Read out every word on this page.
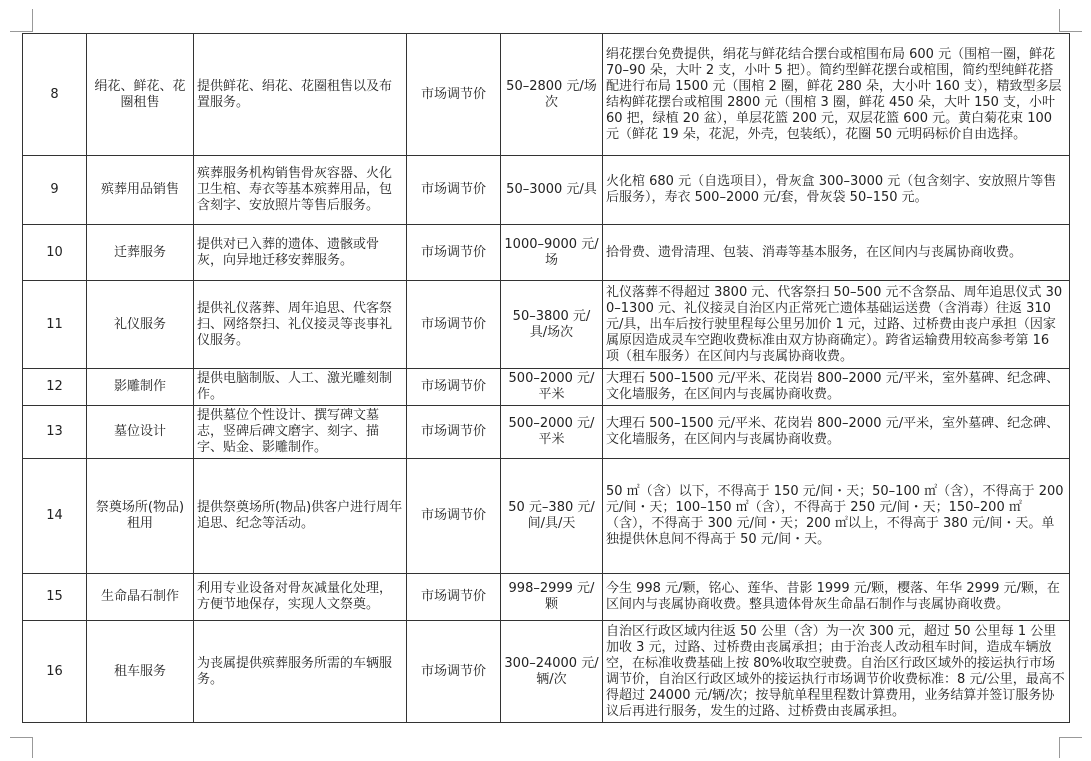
8	绢花、鲜花、花圈租售	提供鲜花、绢花、花圈租售以及布置服务。	市场调节价	50–2800 元/场次	绢花摆台免费提供，绢花与鲜花结合摆台或棺围布局 600 元（围棺一圈，鲜花 70–90 朵，大叶 2 支，小叶 5 把）。简约型鲜花摆台或棺围，简约型纯鲜花搭配进行布局 1500 元（围棺 2 圈，鲜花 280 朵，大小叶 160 支），精致型多层结构鲜花摆台或棺围 2800 元（围棺 3 圈，鲜花 450 朵，大叶 150 支，小叶 60 把，绿植 20 盆），单层花篮 200 元，双层花篮 600 元。黄白菊花束 100 元（鲜花 19 朵，花泥，外壳，包装纸），花圈 50 元明码标价自由选择。
9	殡葬用品销售	殡葬服务机构销售骨灰容器、火化卫生棺、寿衣等基本殡葬用品，包含刻字、安放照片等售后服务。	市场调节价	50–3000 元/具	火化棺 680 元（自选项目），骨灰盒 300–3000 元（包含刻字、安放照片等售后服务），寿衣 500–2000 元/套，骨灰袋 50–150 元。
10	迁葬服务	提供对已入葬的遗体、遗骸或骨灰，向异地迁移安葬服务。	市场调节价	1000–9000 元/场	拾骨费、遗骨清理、包装、消毒等基本服务，在区间内与丧属协商收费。
11	礼仪服务	提供礼仪落葬、周年追思、代客祭扫、网络祭扫、礼仪接灵等丧事礼仪服务。	市场调节价	50–3800 元/具/场次	礼仪落葬不得超过 3800 元、代客祭扫 50–500 元不含祭品、周年追思仪式 300–1300 元、礼仪接灵自治区内正常死亡遗体基础运送费（含消毒）往返 310 元/具，出车后按行驶里程每公里另加价 1 元，过路、过桥费由丧户承担（因家属原因造成灵车空跑收费标准由双方协商确定）。跨省运输费用较高参考第 16 项（租车服务）在区间内与丧属协商收费。
12	影雕制作	提供电脑制版、人工、激光雕刻制作。	市场调节价	500–2000 元/平米	大理石 500–1500 元/平米、花岗岩 800–2000 元/平米，室外墓碑、纪念碑、文化墙服务，在区间内与丧属协商收费。
13	墓位设计	提供墓位个性设计、撰写碑文墓志，竖碑后碑文磨字、刻字、描字、贴金、影雕制作。	市场调节价	500–2000 元/平米	大理石 500–1500 元/平米、花岗岩 800–2000 元/平米，室外墓碑、纪念碑、文化墙服务，在区间内与丧属协商收费。
14	祭奠场所(物品)租用	提供祭奠场所(物品)供客户进行周年追思、纪念等活动。	市场调节价	50 元–380 元/间/具/天	50 ㎡（含）以下，不得高于 150 元/间・天；50–100 ㎡（含），不得高于 200 元/间・天；100–150 ㎡（含），不得高于 250 元/间・天；150–200 ㎡（含），不得高于 300 元/间・天；200 ㎡以上，不得高于 380 元/间・天。单独提供休息间不得高于 50 元/间・天。
15	生命晶石制作	利用专业设备对骨灰减量化处理，方便节地保存，实现人文祭奠。	市场调节价	998–2999 元/颗	今生 998 元/颗，铭心、莲华、昔影 1999 元/颗，樱落、年华 2999 元/颗，在区间内与丧属协商收费。整具遗体骨灰生命晶石制作与丧属协商收费。
16	租车服务	为丧属提供殡葬服务所需的车辆服务。	市场调节价	300–24000 元/辆/次	自治区行政区域内往返 50 公里（含）为一次 300 元，超过 50 公里每 1 公里加收 3 元，过路、过桥费由丧属承担；由于治丧人改动租车时间，造成车辆放空，在标准收费基础上按 80%收取空驶费。自治区行政区域外的接运执行市场调节价，自治区行政区域外的接运执行市场调节价收费标准：8 元/公里，最高不得超过 24000 元/辆/次；按导航单程里程数计算费用，业务结算并签订服务协议后再进行服务，发生的过路、过桥费由丧属承担。
